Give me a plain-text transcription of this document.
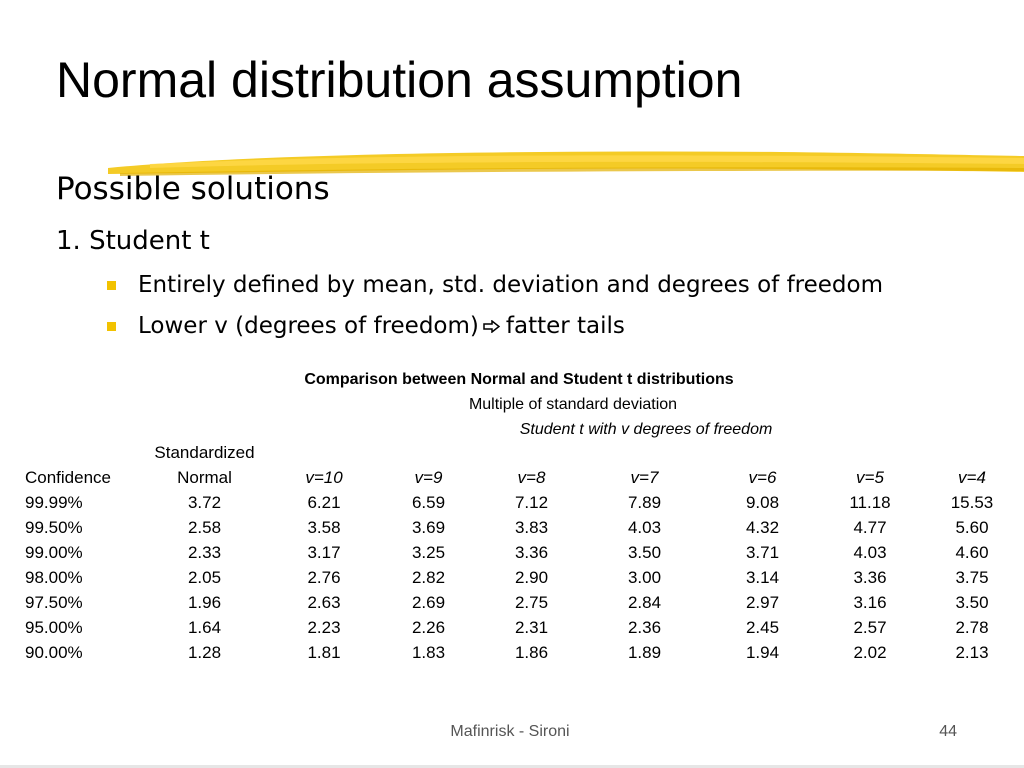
Normal distribution assumption
Possible solutions
1. Student t
Entirely defined by mean, std. deviation and degrees of freedom
Lower v (degrees of freedom) fatter tails
Comparison between Normal and Student t distributions
Multiple of standard deviation
Student t with v degrees of freedom
	Standardized							
Confidence	Normal	v=10	v=9	v=8	v=7	v=6	v=5	v=4
99.99%	3.72	6.21	6.59	7.12	7.89	9.08	11.18	15.53
99.50%	2.58	3.58	3.69	3.83	4.03	4.32	4.77	5.60
99.00%	2.33	3.17	3.25	3.36	3.50	3.71	4.03	4.60
98.00%	2.05	2.76	2.82	2.90	3.00	3.14	3.36	3.75
97.50%	1.96	2.63	2.69	2.75	2.84	2.97	3.16	3.50
95.00%	1.64	2.23	2.26	2.31	2.36	2.45	2.57	2.78
90.00%	1.28	1.81	1.83	1.86	1.89	1.94	2.02	2.13
Mafinrisk - Sironi	44
